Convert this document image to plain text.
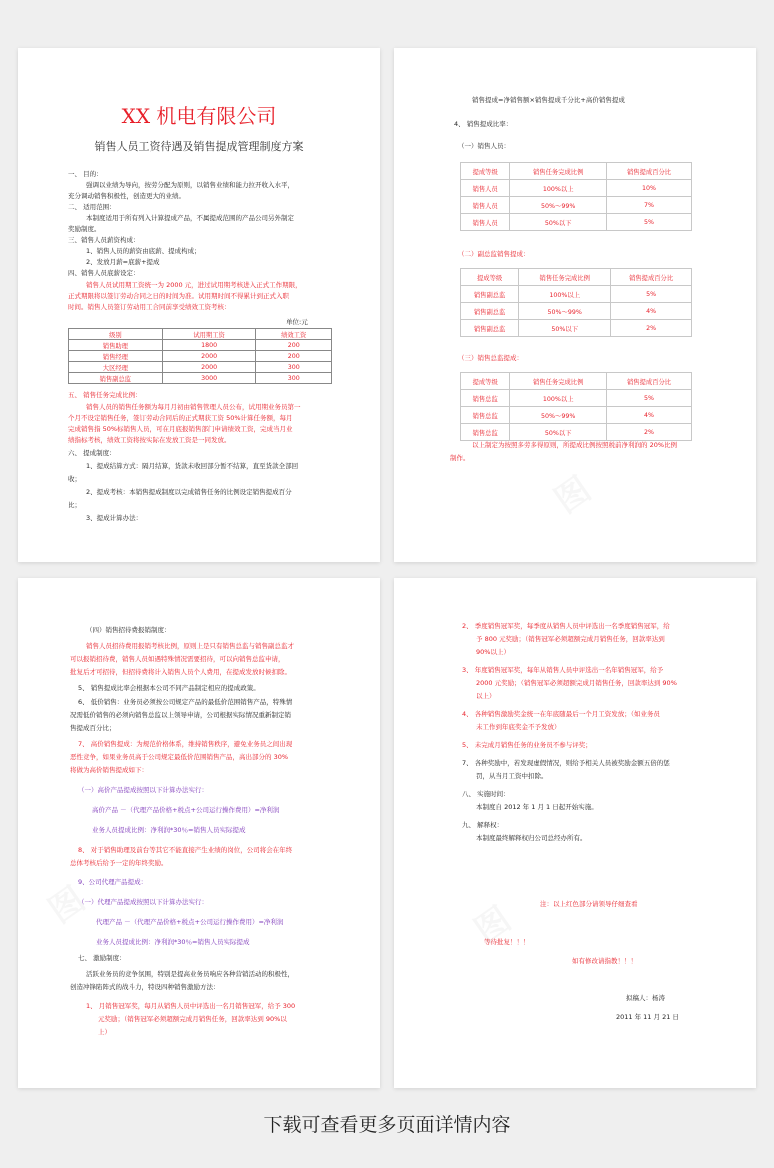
XX 机电有限公司
销售人员工资待遇及销售提成管理制度方案
一、 目的：
强调以业绩为导向，按劳分配为原则，以销售业绩和能力拉开收入水平，
充分调动销售积极性，创造更大的业绩。
二、 适用范围：
本制度适用于所有列入计算提成产品，不属提成范围的产品公司另外制定
奖励制度。
三、销售人员薪资构成：
1、销售人员的薪资由底薪、提成构成；
2、发放月薪=底薪+提成
四、销售人员底薪设定：
销售人员试用期工资统一为 2000 元，进过试用期考核进入正式工作期限，
正式期限将以签订劳动合同之日的时间为准。试用期时间不得累计到正式入职
时间。销售人员签订劳动用工合同前享受绩效工资考核：
单位:元
级别	试用期工资	绩效工资
销售助理	1800	200
销售经理	2000	200
大区经理	2000	300
销售副总监	3000	300
五、 销售任务完成比例：
销售人员的销售任务额为每月月初由销售管理人员公布，试用期业务员第一
个月不设定销售任务，签订劳动合同后的正式期获工资 50%计算任务额，每月
完成销售指 50%标销售人员，可在月底报销售部门申请绩效工资，完成当月业
绩指标考核，绩效工资将按实际在发放工资是一同发放。
六、 提成制度：
1、提成结算方式：隔月结算，货款未收回部分暂不结算，直至货款全部回
收；
2、提成考核：本销售提成制度以完成销售任务的比例设定销售提成百分
比；
3、提成计算办法：
销售提成=净销售额×销售提成千分比+高价销售提成
4、 销售提成比率：
（一）销售人员：
提成等级	销售任务完成比例	销售提成百分比
销售人员	100%以上	10%
销售人员	50%～99%	7%
销售人员	50%以下	5%
（二）副总监销售提成：
提成等级	销售任务完成比例	销售提成百分比
销售副总监	100%以上	5%
销售副总监	50%～99%	4%
销售副总监	50%以下	2%
（三）销售总监提成：
提成等级	销售任务完成比例	销售提成百分比
销售总监	100%以上	5%
销售总监	50%～99%	4%
销售总监	50%以下	2%
以上制定为按照多劳多得原则，所提成比例按照税前净利润的 20%比例
制作。
（四）销售招待费报销制度：
销售人员招待费用报销考核比例，原则上是只有销售总监与销售副总监才
可以报销招待费，销售人员如遇特殊情况需要招待，可以向销售总监申请，
批复后才可招待，但招待费将计入销售人员个人费用，在提成发放时候扣除。
5、 销售提成比率会根据本公司不同产品制定相应的提成政策。
6、 低价销售：业务员必须按公司规定产品的最低价范围销售产品，特殊情
况需低价销售的必须向销售总监以上领导申请，公司根据实际情况重新制定销
售提成百分比；
7、 高价销售提成：为规范价格体系，维持销售秩序，避免业务员之间出现
恶性竞争，如果业务员高于公司规定最低价范围销售产品，高出部分的 30%
将做为高价销售提成如下：
（一）高价产品提成按照以下计算办法实行：
高价产品 －（代理产品价格+税点+公司运行操作费用）=净利润
业务人员提成比例：净利润*30％=销售人员实际提成
8、 对于销售助理及前台等其它不能直接产生业绩的岗位，公司将会在年终
总体考核后给予一定的年终奖励。
9、公司代理产品提成：
（一）代理产品提成按照以下计算办法实行：
代理产品 －（代理产品价格+税点+公司运行操作费用）=净利润
业务人员提成比例：净利润*30％=销售人员实际提成
七、 激励制度：
活跃业务员的竞争氛围，特别是提高业务员响应各种营销活动的积极性，
创造冲锋陷阵式的战斗力，特设四种销售激励方法：
1、 月销售冠军奖，每月从销售人员中评选出一名月销售冠军，给予 300
元奖励；（销售冠军必须超额完成月销售任务，回款率达到 90%以
上）
2、 季度销售冠军奖，每季度从销售人员中评选出一名季度销售冠军，给
予 800 元奖励；（销售冠军必须超额完成月销售任务，回款率达到
90%以上）
3、 年度销售冠军奖，每年从销售人员中评选出一名年销售冠军，给予
2000 元奖励；（销售冠军必须超额完成月销售任务，回款率达到 90%
以上）
4、 各种销售激励奖金统一在年底随最后一个月工资发放；（如业务员
未工作到年底奖金不予发放）
5、 未完成月销售任务的业务员不参与评奖；
7、 各种奖励中，若发现虚假情况，则给予相关人员被奖励金额五倍的惩
罚，从当月工资中扣除。
八、 实施时间：
本制度自 2012 年 1 月 1 日起开始实施。
九、 解释权：
本制度最终解释权归公司总经办所有。
注：以上红色部分请领导仔细查看
等待批复！！！
如有修改请指教！！！
拟稿人：杨涛
2011 年 11 月 21 日
下载可查看更多页面详情内容
